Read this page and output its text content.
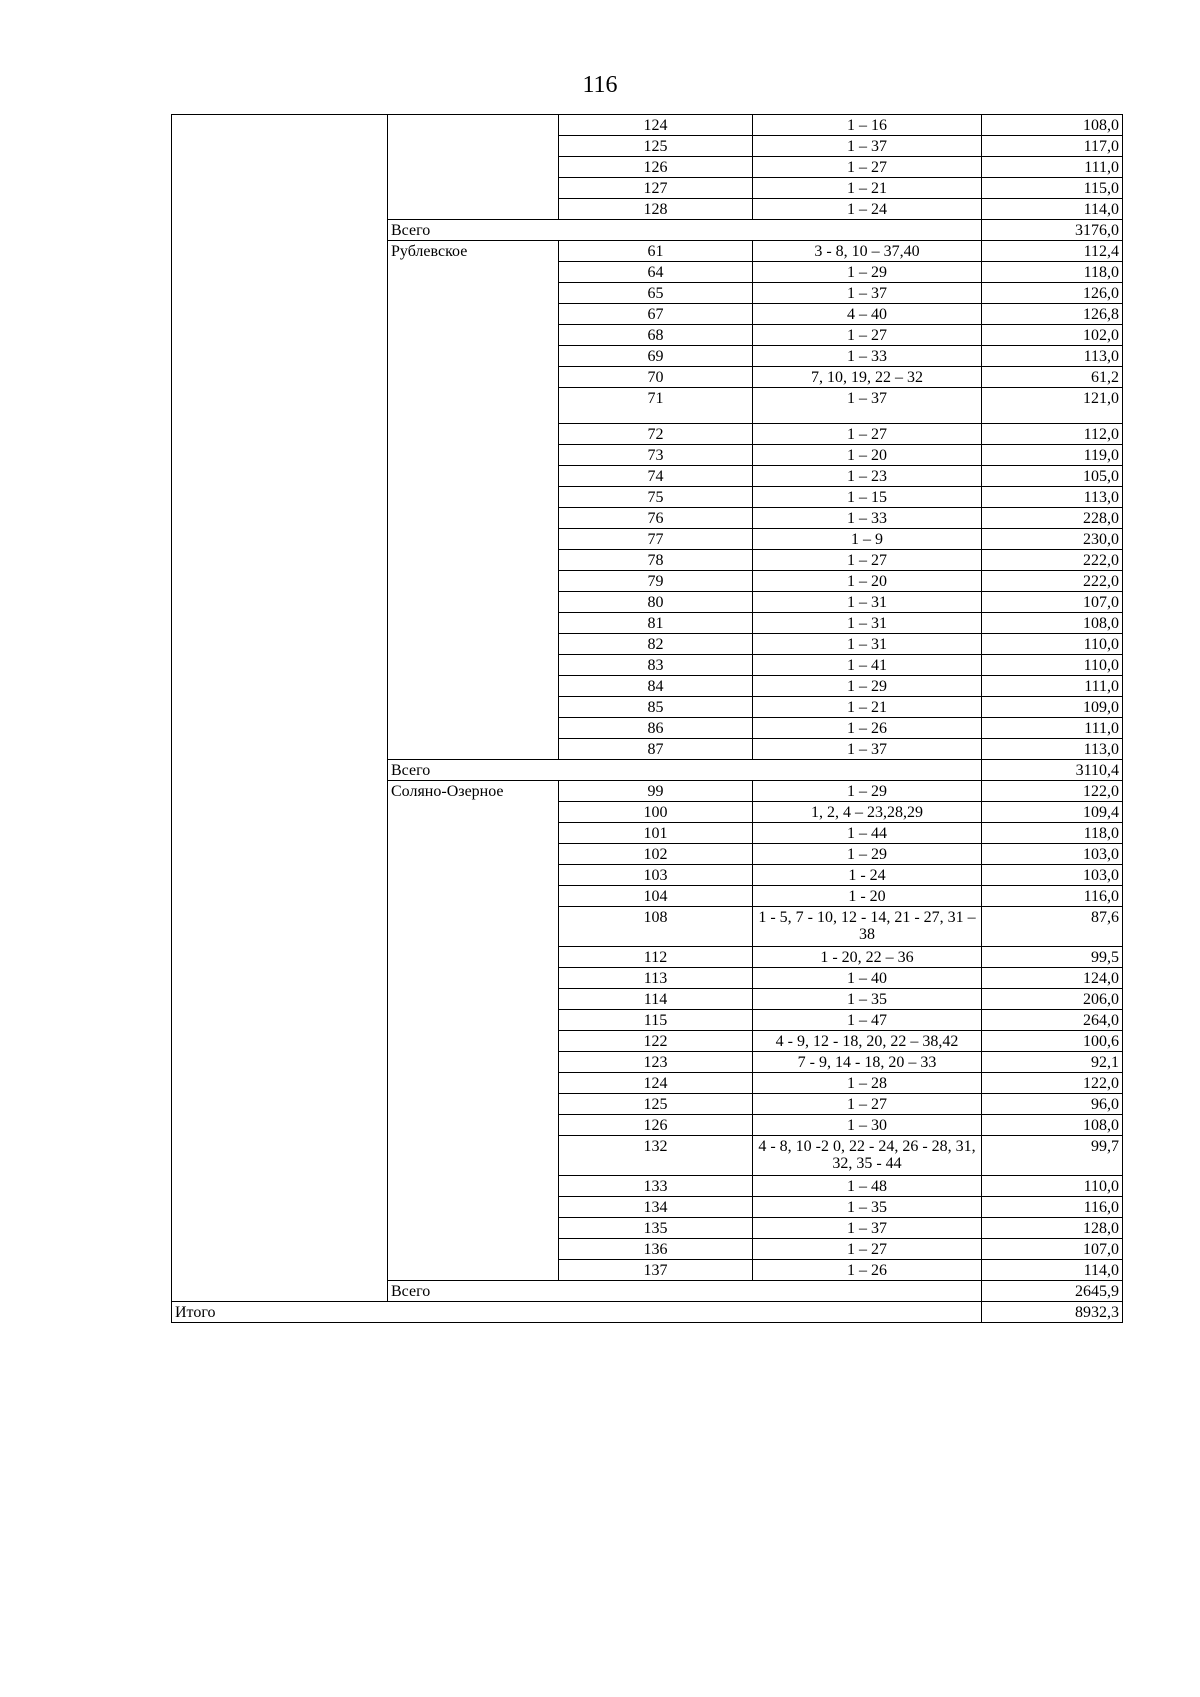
116
		124	1 – 16	108,0
		125	1 – 37	117,0
		126	1 – 27	111,0
		127	1 – 21	115,0
		128	1 – 24	114,0
	Всего			3176,0
	Рублевское	61	3 - 8, 10 – 37,40	112,4
		64	1 – 29	118,0
		65	1 – 37	126,0
		67	4 – 40	126,8
		68	1 – 27	102,0
		69	1 – 33	113,0
		70	7, 10, 19, 22 – 32	61,2
		71	1 – 37	121,0
		72	1 – 27	112,0
		73	1 – 20	119,0
		74	1 – 23	105,0
		75	1 – 15	113,0
		76	1 – 33	228,0
		77	1 – 9	230,0
		78	1 – 27	222,0
		79	1 – 20	222,0
		80	1 – 31	107,0
		81	1 – 31	108,0
		82	1 – 31	110,0
		83	1 – 41	110,0
		84	1 – 29	111,0
		85	1 – 21	109,0
		86	1 – 26	111,0
		87	1 – 37	113,0
	Всего			3110,4
	Соляно-Озерное	99	1 – 29	122,0
		100	1, 2, 4 – 23,28,29	109,4
		101	1 – 44	118,0
		102	1 – 29	103,0
		103	1 - 24	103,0
		104	1 - 20	116,0
		108	1 - 5, 7 - 10, 12 - 14, 21 - 27, 31 – 38	87,6
		112	1 - 20, 22 – 36	99,5
		113	1 – 40	124,0
		114	1 – 35	206,0
		115	1 – 47	264,0
		122	4 - 9, 12 - 18, 20, 22 – 38,42	100,6
		123	7 - 9, 14 - 18, 20 – 33	92,1
		124	1 – 28	122,0
		125	1 – 27	96,0
		126	1 – 30	108,0
		132	4 - 8, 10 -2 0, 22 - 24, 26 - 28, 31, 32, 35 - 44	99,7
		133	1 – 48	110,0
		134	1 – 35	116,0
		135	1 – 37	128,0
		136	1 – 27	107,0
		137	1 – 26	114,0
	Всего			2645,9
Итого				8932,3
